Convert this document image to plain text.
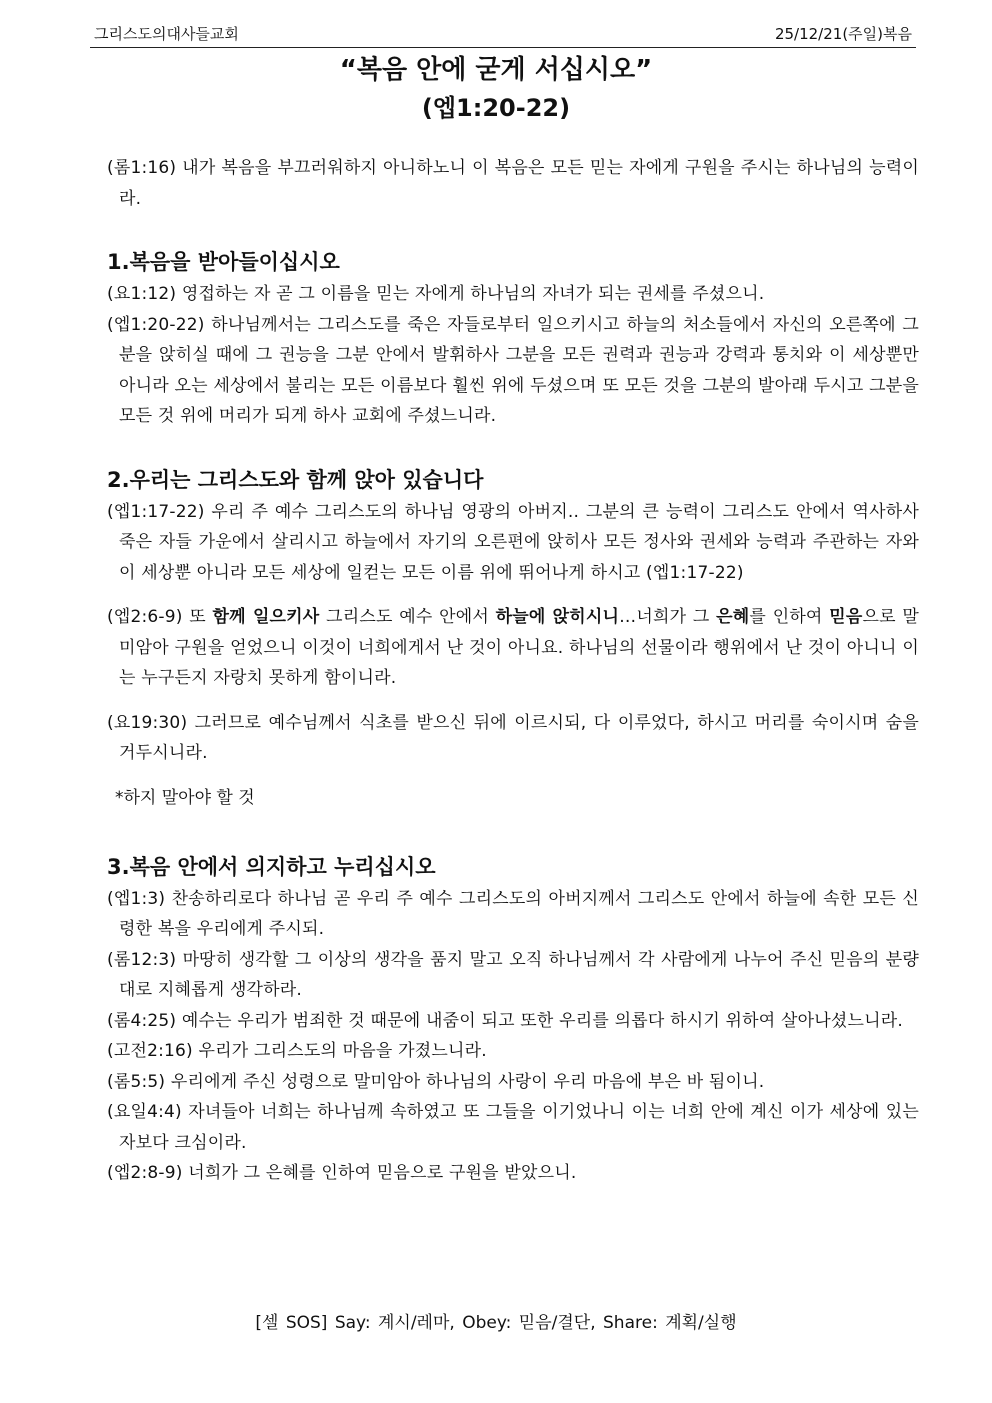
그리스도의대사들교회	25/12/21(주일)복음
“복음 안에 굳게 서십시오”
(엡1:20-22)

(롬1:16) 내가 복음을 부끄러워하지 아니하노니 이 복음은 모든 믿는 자에게 구원을 주시는 하나님의 능력이라.

1.복음을 받아들이십시오

(요1:12) 영접하는 자 곧 그 이름을 믿는 자에게 하나님의 자녀가 되는 권세를 주셨으니.

(엡1:20-22) 하나님께서는 그리스도를 죽은 자들로부터 일으키시고 하늘의 처소들에서 자신의 오른쪽에 그분을 앉히실 때에 그 권능을 그분 안에서 발휘하사 그분을 모든 권력과 권능과 강력과 통치와 이 세상뿐만 아니라 오는 세상에서 불리는 모든 이름보다 훨씬 위에 두셨으며 또 모든 것을 그분의 발아래 두시고 그분을 모든 것 위에 머리가 되게 하사 교회에 주셨느니라.

2.우리는 그리스도와 함께 앉아 있습니다

(엡1:17-22) 우리 주 예수 그리스도의 하나님 영광의 아버지.. 그분의 큰 능력이 그리스도 안에서 역사하사 죽은 자들 가운에서 살리시고 하늘에서 자기의 오른편에 앉히사 모든 정사와 권세와 능력과 주관하는 자와 이 세상뿐 아니라 모든 세상에 일컫는 모든 이름 위에 뛰어나게 하시고 (엡1:17-22)

(엡2:6-9) 또 함께 일으키사 그리스도 예수 안에서 하늘에 앉히시니…너희가 그 은혜를 인하여 믿음으로 말미암아 구원을 얻었으니 이것이 너희에게서 난 것이 아니요. 하나님의 선물이라 행위에서 난 것이 아니니 이는 누구든지 자랑치 못하게 함이니라.

(요19:30) 그러므로 예수님께서 식초를 받으신 뒤에 이르시되, 다 이루었다, 하시고 머리를 숙이시며 숨을 거두시니라.

*하지 말아야 할 것

3.복음 안에서 의지하고 누리십시오

(엡1:3) 찬송하리로다 하나님 곧 우리 주 예수 그리스도의 아버지께서 그리스도 안에서 하늘에 속한 모든 신령한 복을 우리에게 주시되.

(롬12:3) 마땅히 생각할 그 이상의 생각을 품지 말고 오직 하나님께서 각 사람에게 나누어 주신 믿음의 분량대로 지혜롭게 생각하라.

(롬4:25) 예수는 우리가 범죄한 것 때문에 내줌이 되고 또한 우리를 의롭다 하시기 위하여 살아나셨느니라.

(고전2:16) 우리가 그리스도의 마음을 가졌느니라.

(롬5:5) 우리에게 주신 성령으로 말미암아 하나님의 사랑이 우리 마음에 부은 바 됨이니.

(요일4:4) 자녀들아 너희는 하나님께 속하였고 또 그들을 이기었나니 이는 너희 안에 계신 이가 세상에 있는 자보다 크심이라.

(엡2:8-9) 너희가 그 은혜를 인하여 믿음으로 구원을 받았으니.

[셀 SOS] Say: 계시/레마, Obey: 믿음/결단, Share: 계획/실행
